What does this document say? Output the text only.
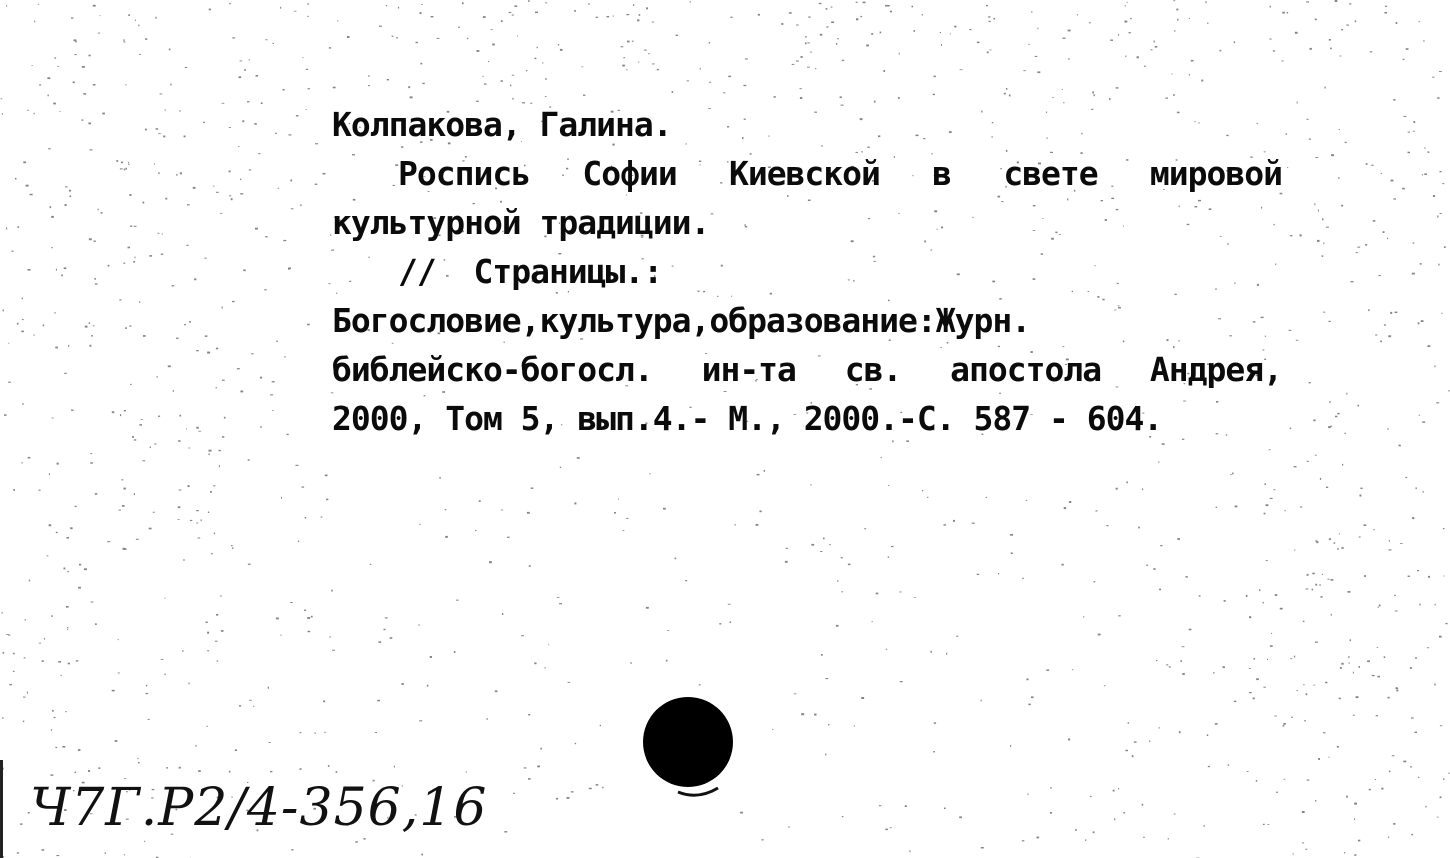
Колпакова, Галина.
Роспись Софии Киевской в свете мировой
культурной традиции.
//  Страницы.:
Богословие,культура,образование:Журн.
библейско-богосл. ин-та св. апостола Андрея,
2000, Том 5, вып.4.- М., 2000.-С. 587 - 604.
Ч7Г.Р2/4-356,16
